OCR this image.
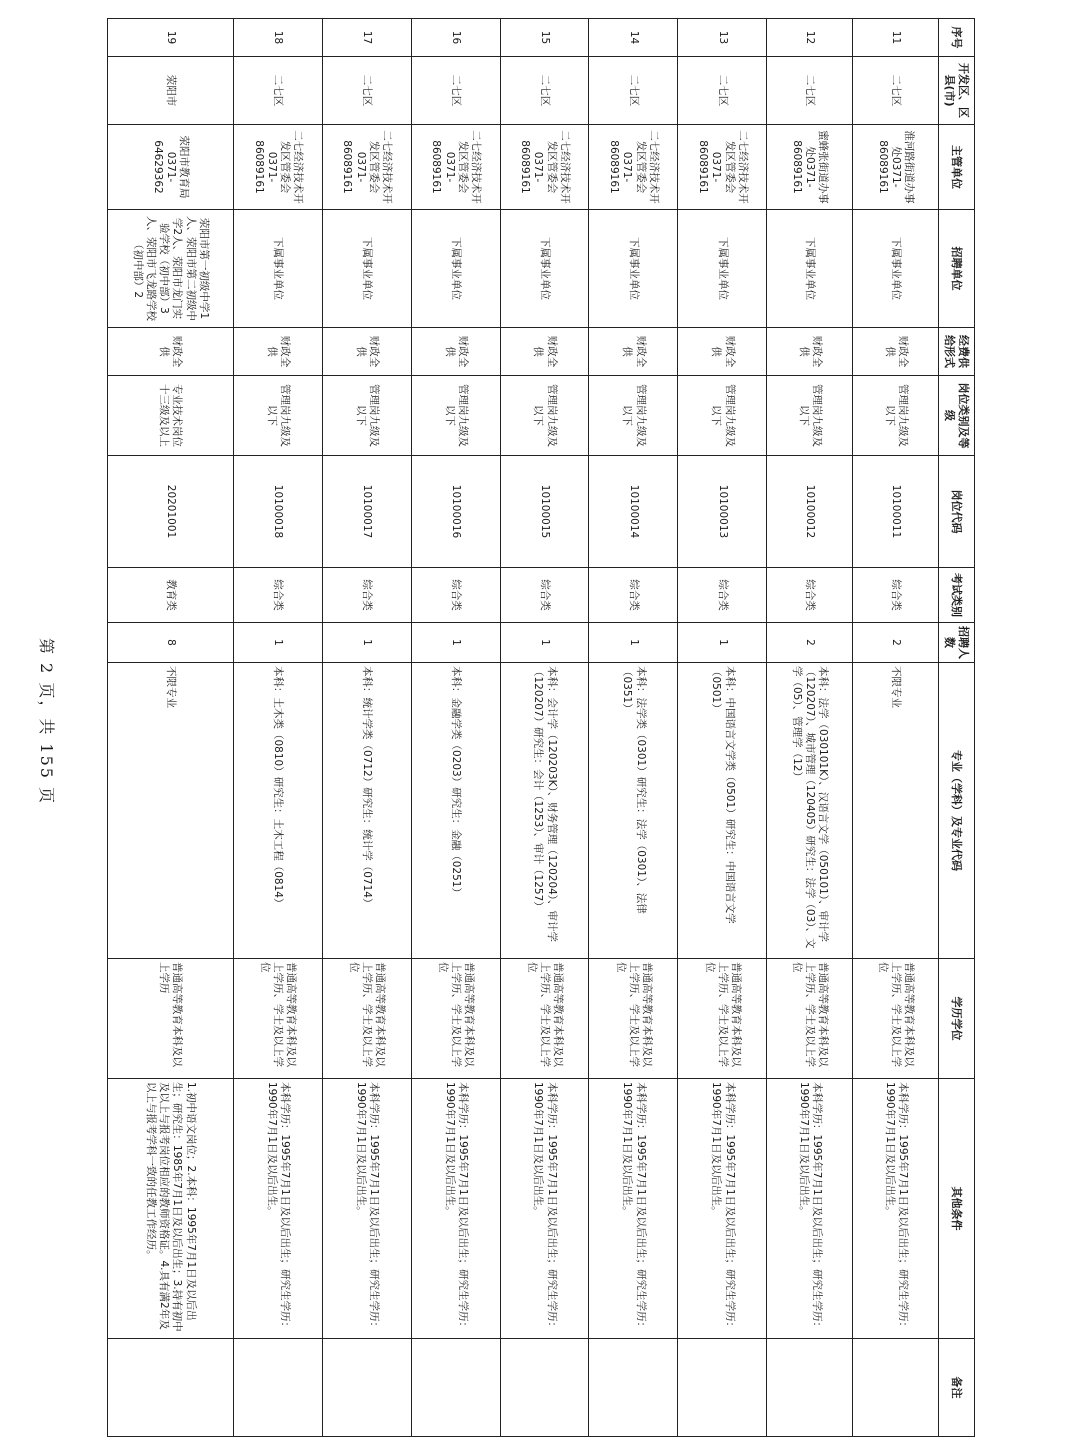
序号	开发区、区县(市)	主管单位	招聘单位	经费供给形式	岗位类别及等级	岗位代码	考试类别	招聘人数	专业（学科）及专业代码	学历学位	其他条件	备注
11	二七区	淮河路街道办事处0371-86089161	下属事业单位	财政全供	管理岗九级及以下	10100011	综合类	2	不限专业	普通高等教育本科及以上学历、学士及以上学位	本科学历：1995年7月1日及以后出生；研究生学历：1990年7月1日及以后出生。	
12	二七区	蜜蜂张街道办事处0371-86089161	下属事业单位	财政全供	管理岗九级及以下	10100012	综合类	2	本科：法学（030101K）、汉语言文学（050101）、审计学（120207）、城市管理（120405）研究生：法学（03）、文学（05）、管理学（12）	普通高等教育本科及以上学历、学士及以上学位	本科学历：1995年7月1日及以后出生；研究生学历：1990年7月1日及以后出生。	
13	二七区	二七经济技术开发区管委会0371-86089161	下属事业单位	财政全供	管理岗九级及以下	10100013	综合类	1	本科：中国语言文学类（0501）研究生：中国语言文学（0501）	普通高等教育本科及以上学历、学士及以上学位	本科学历：1995年7月1日及以后出生；研究生学历：1990年7月1日及以后出生。	
14	二七区	二七经济技术开发区管委会0371-86089161	下属事业单位	财政全供	管理岗九级及以下	10100014	综合类	1	本科：法学类（0301）研究生：法学（0301）、法律（0351）	普通高等教育本科及以上学历、学士及以上学位	本科学历：1995年7月1日及以后出生；研究生学历：1990年7月1日及以后出生。	
15	二七区	二七经济技术开发区管委会0371-86089161	下属事业单位	财政全供	管理岗九级及以下	10100015	综合类	1	本科：会计学（120203K）、财务管理（120204）、审计学（120207）研究生：会计（1253）、审计（1257）	普通高等教育本科及以上学历、学士及以上学位	本科学历：1995年7月1日及以后出生；研究生学历：1990年7月1日及以后出生。	
16	二七区	二七经济技术开发区管委会0371-86089161	下属事业单位	财政全供	管理岗九级及以下	10100016	综合类	1	本科：金融学类（0203）研究生：金融（0251）	普通高等教育本科及以上学历、学士及以上学位	本科学历：1995年7月1日及以后出生；研究生学历：1990年7月1日及以后出生。	
17	二七区	二七经济技术开发区管委会0371-86089161	下属事业单位	财政全供	管理岗九级及以下	10100017	综合类	1	本科：统计学类（0712）研究生：统计学（0714）	普通高等教育本科及以上学历、学士及以上学位	本科学历：1995年7月1日及以后出生；研究生学历：1990年7月1日及以后出生。	
18	二七区	二七经济技术开发区管委会0371-86089161	下属事业单位	财政全供	管理岗九级及以下	10100018	综合类	1	本科：土木类（0810）研究生：土木工程（0814）	普通高等教育本科及以上学历、学士及以上学位	本科学历：1995年7月1日及以后出生；研究生学历：1990年7月1日及以后出生。	
19	荥阳市	荥阳市教育局0371-64629362	荥阳市第一初级中学1人、荥阳市第二初级中学2人、荥阳市龙门实验学校（初中部）3人、荥阳市飞龙路学校（初中部）2	财政全供	专业技术岗位十三级及以上	20201001	教育类	8	不限专业	普通高等教育本科及以上学历	1.初中语文岗位；2.本科：1995年7月1日及以后出生；研究生：1985年7月1日及以后出生；3.持有初中及以上与报考岗位相应的教师资格证。4.具有满2年及以上与报考学科一致的任教工作经历。	
第 2 页，共 155 页
